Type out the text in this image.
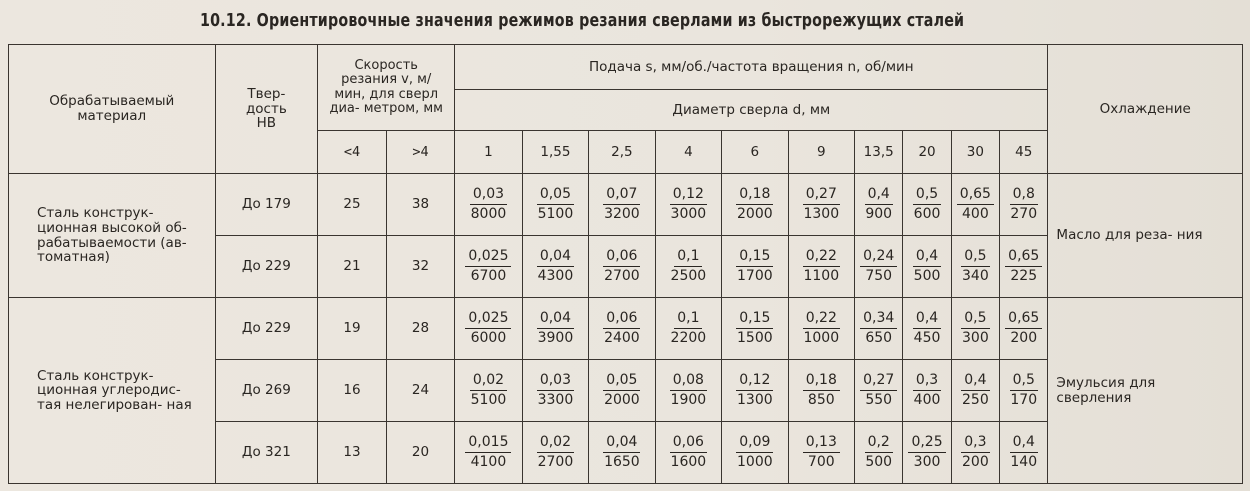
10.12. Ориентировочные значения режимов резания сверлами из быстрорежущих сталей
Обрабатываемый материал	Твер- дость HB	Скорость резания v, м/мин, для сверл диа- метром, мм		Подача s, мм/об./частота вращения n, об/мин										Охлаждение
				Диаметр сверла d, мм										
		<4	>4	1	1,55	2,5	4	6	9	13,5	20	30	45	
Сталь конструк- ционная высокой об- рабатываемости (ав- томатная)	До 179	25	38	$\frac{0,03}{8000}$	$\frac{0,05}{5100}$	$\frac{0,07}{3200}$	$\frac{0,12}{3000}$	$\frac{0,18}{2000}$	$\frac{0,27}{1300}$	$\frac{0,4}{900}$	$\frac{0,5}{600}$	$\frac{0,65}{400}$	$\frac{0,8}{270}$	Масло для реза- ния
	До 229	21	32	$\frac{0,025}{6700}$	$\frac{0,04}{4300}$	$\frac{0,06}{2700}$	$\frac{0,1}{2500}$	$\frac{0,15}{1700}$	$\frac{0,22}{1100}$	$\frac{0,24}{750}$	$\frac{0,4}{500}$	$\frac{0,5}{340}$	$\frac{0,65}{225}$

Сталь конструк- ционная углеродис- тая нелегирован- ная	До 229	19	28	$\frac{0,025}{6000}$	$\frac{0,04}{3900}$	$\frac{0,06}{2400}$	$\frac{0,1}{2200}$	$\frac{0,15}{1500}$	$\frac{0,22}{1000}$	$\frac{0,34}{650}$	$\frac{0,4}{450}$	$\frac{0,5}{300}$	$\frac{0,65}{200}$	Эмульсия для сверления
	До 269	16	24	$\frac{0,02}{5100}$	$\frac{0,03}{3300}$	$\frac{0,05}{2000}$	$\frac{0,08}{1900}$	$\frac{0,12}{1300}$	$\frac{0,18}{850}$	$\frac{0,27}{550}$	$\frac{0,3}{400}$	$\frac{0,4}{250}$	$\frac{0,5}{170}$

	До 321	13	20	$\frac{0,015}{4100}$	$\frac{0,02}{2700}$	$\frac{0,04}{1650}$	$\frac{0,06}{1600}$	$\frac{0,09}{1000}$	$\frac{0,13}{700}$	$\frac{0,2}{500}$	$\frac{0,25}{300}$	$\frac{0,3}{200}$	$\frac{0,4}{140}$
